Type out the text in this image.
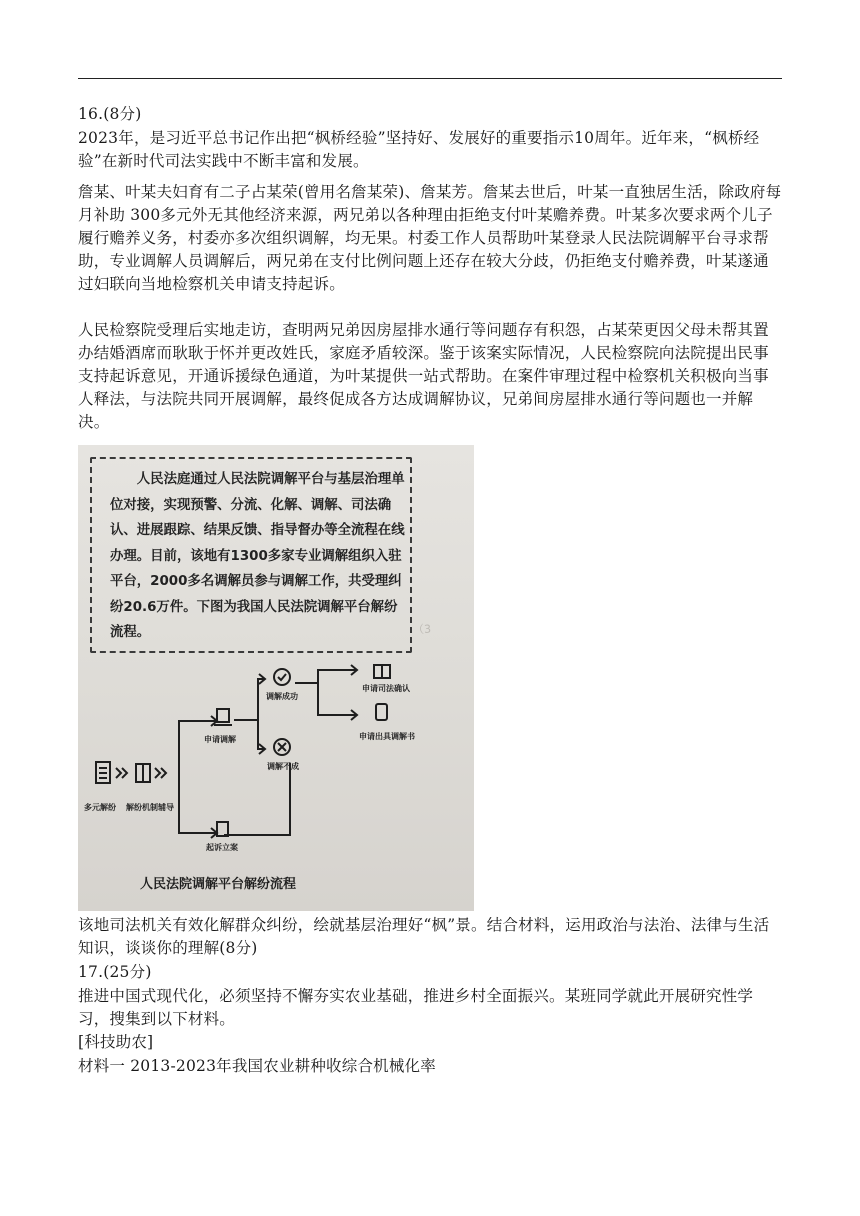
16.(8分)
2023年，是习近平总书记作出把“枫桥经验”坚持好、发展好的重要指示10周年。近年来，“枫桥经验”在新时代司法实践中不断丰富和发展。
詹某、叶某夫妇育有二子占某荣(曾用名詹某荣)、詹某芳。詹某去世后，叶某一直独居生活，除政府每月补助 300多元外无其他经济来源，两兄弟以各种理由拒绝支付叶某赡养费。叶某多次要求两个儿子履行赡养义务，村委亦多次组织调解，均无果。村委工作人员帮助叶某登录人民法院调解平台寻求帮助，专业调解人员调解后，两兄弟在支付比例问题上还存在较大分歧，仍拒绝支付赡养费，叶某遂通过妇联向当地检察机关申请支持起诉。
人民检察院受理后实地走访，查明两兄弟因房屋排水通行等问题存有积怨，占某荣更因父母未帮其置办结婚酒席而耿耿于怀并更改姓氏，家庭矛盾较深。鉴于该案实际情况，人民检察院向法院提出民事支持起诉意见，开通诉援绿色通道，为叶某提供一站式帮助。在案件审理过程中检察机关积极向当事人释法，与法院共同开展调解，最终促成各方达成调解协议，兄弟间房屋排水通行等问题也一并解决。
人民法庭通过人民法院调解平台与基层治理单位对接，实现预警、分流、化解、调解、司法确认、进展跟踪、结果反馈、指导督办等全流程在线办理。目前，该地有1300多家专业调解组织入驻平台，2000多名调解员参与调解工作，共受理纠纷20.6万件。下图为我国人民法院调解平台解纷流程。	（3
多元解纷 解纷机制辅导
申请调解
调解成功
调解不成
申请司法确认
申请出具调解书
起诉立案
人民法院调解平台解纷流程
该地司法机关有效化解群众纠纷，绘就基层治理好“枫”景。结合材料，运用政治与法治、法律与生活知识，谈谈你的理解(8分)
17.(25分)
推进中国式现代化，必须坚持不懈夯实农业基础，推进乡村全面振兴。某班同学就此开展研究性学习，搜集到以下材料。
[科技助农]
材料一 2013-2023年我国农业耕种收综合机械化率
